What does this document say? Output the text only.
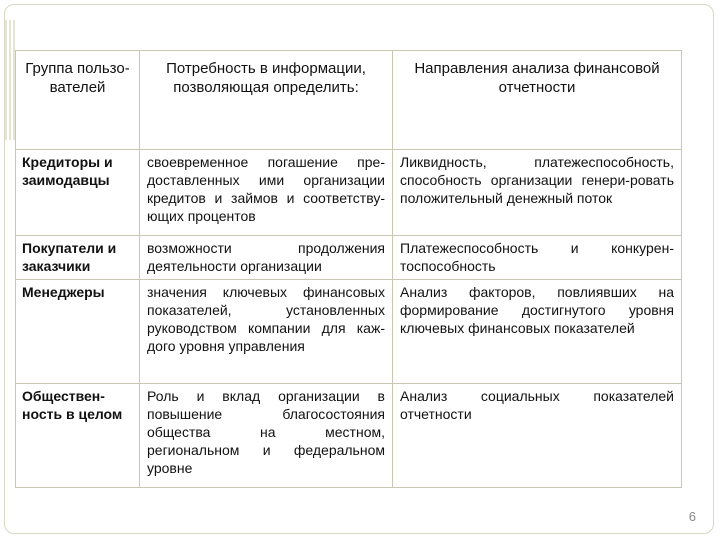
Группа пользо-вателей	Потребность в информации, позволяющая определить:	Направления анализа финансовой отчетности
Кредиторы и заимодавцы	своевременное погашение пре-доставленных ими организации кредитов и займов и соответству-ющих процентов	Ликвидность, платежеспособность, способность организации генери-ровать положительный денежный поток
Покупатели и заказчики	возможности продолжения деятельности организации	Платежеспособность и конкурен-тоспособность
Менеджеры	значения ключевых финансовых показателей, установленных руководством компании для каж-дого уровня управления	Анализ факторов, повлиявших на формирование достигнутого уровня ключевых финансовых показателей
Обществен-ность в целом	Роль и вклад организации в повышение благосостояния общества на местном, региональном и федеральном уровне	Анализ социальных показателей отчетности
6
